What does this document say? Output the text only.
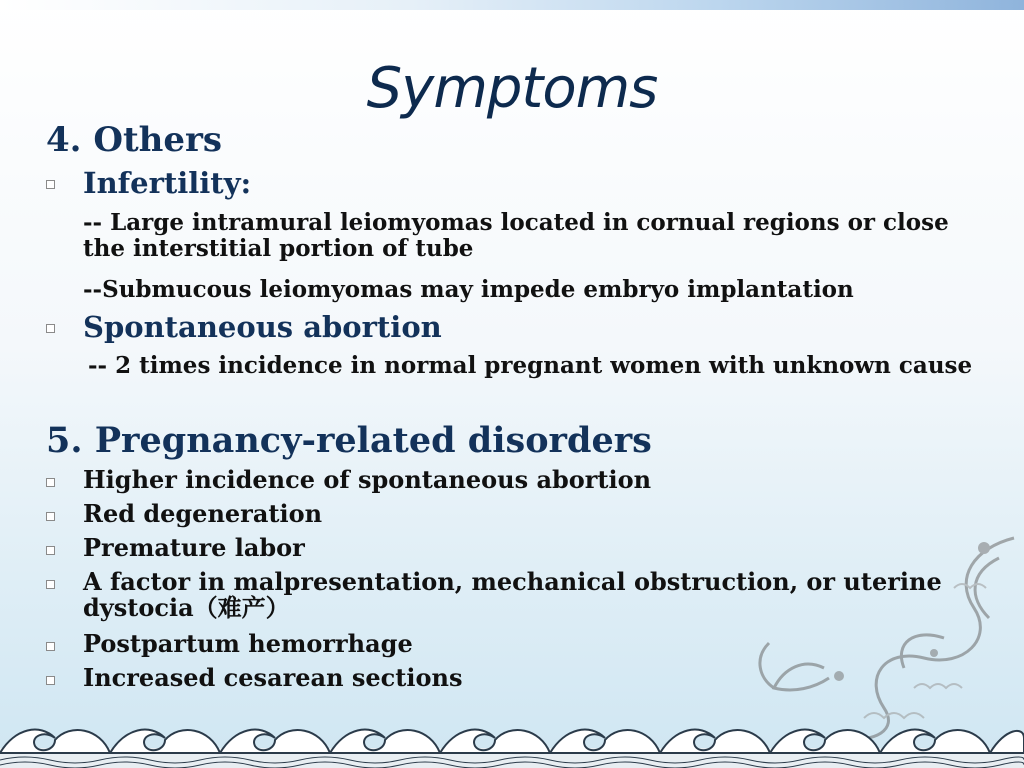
Symptoms
4. Others
Infertility:
-- Large intramural leiomyomas located in cornual regions or close
the interstitial portion of tube
--Submucous leiomyomas may impede embryo implantation
Spontaneous abortion
-- 2 times incidence in normal pregnant women with unknown cause
5. Pregnancy-related disorders
Higher incidence of spontaneous abortion
Red degeneration
Premature labor
A factor in malpresentation, mechanical obstruction, or uterine
dystocia（难产）
Postpartum hemorrhage
Increased cesarean sections
